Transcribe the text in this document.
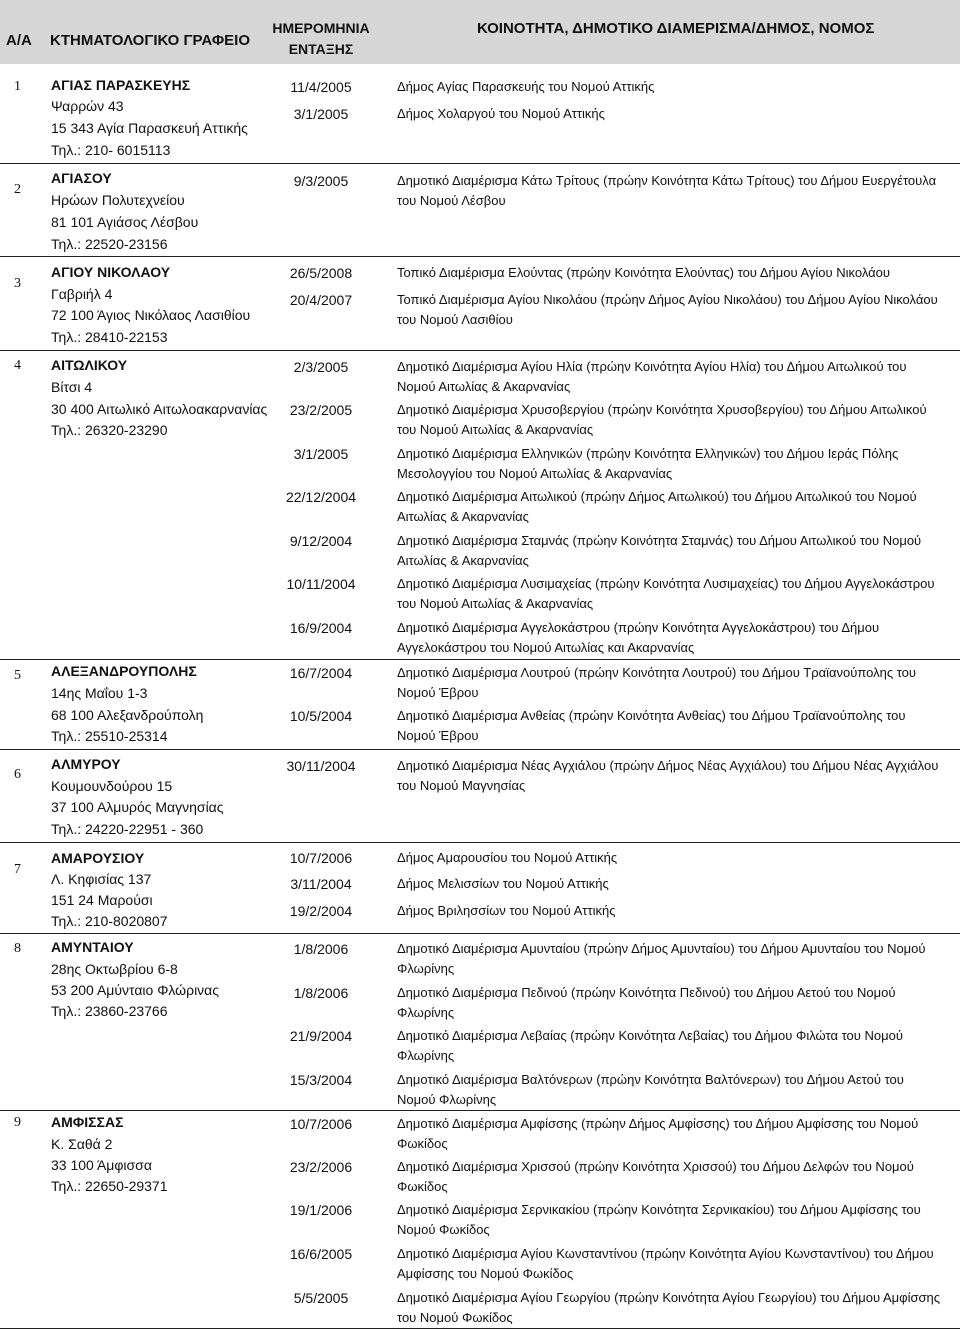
Α/Α ΚΤΗΜΑΤΟΛΟΓΙΚΟ ΓΡΑΦΕΙΟ
ΗΜΕΡΟΜΗΝΙΑ
ΕΝΤΑΞΗΣ
ΚΟΙΝΟΤΗΤΑ, ΔΗΜΟΤΙΚΟ ΔΙΑΜΕΡΙΣΜΑ/ΔΗΜΟΣ, ΝΟΜΟΣ
1 ΑΓΙΑΣ ΠΑΡΑΣΚΕΥΗΣ
Ψαρρών 43
15 343 Αγία Παρασκευή Αττικής
Τηλ.: 210- 6015113
11/4/2005	Δήμος Αγίας Παρασκευής του Νομού Αττικής
3/1/2005	Δήμος Χολαργού του Νομού Αττικής
2
ΑΓΙΑΣΟΥ
Ηρώων Πολυτεχνείου
81 101 Αγιάσος Λέσβου
Τηλ.: 22520-23156
9/3/2005	Δημοτικό Διαμέρισμα Κάτω Τρίτους (πρώην Κοινότητα Κάτω Τρίτους) του Δήμου Ευεργέτουλα
του Νομού Λέσβου
3
ΑΓΙΟΥ ΝΙΚΟΛΑΟΥ
Γαβριήλ 4
72 100 Άγιος Νικόλαος Λασιθίου
Τηλ.: 28410-22153
26/5/2008	Τοπικό Διαμέρισμα Ελούντας (πρώην Κοινότητα Ελούντας) του Δήμου Αγίου Νικολάου
20/4/2007	Τοπικό Διαμέρισμα Αγίου Νικολάου (πρώην Δήμος Αγίου Νικολάου) του Δήμου Αγίου Νικολάου
του Νομού Λασιθίου
4 ΑΙΤΩΛΙΚΟΥ
Βίτσι 4
30 400 Αιτωλικό Αιτωλοακαρνανίας
Τηλ.: 26320-23290
2/3/2005	Δημοτικό Διαμέρισμα Αγίου Ηλία (πρώην Κοινότητα Αγίου Ηλία) του Δήμου Αιτωλικού του
Νομού Αιτωλίας & Ακαρνανίας
23/2/2005	Δημοτικό Διαμέρισμα Χρυσοβεργίου (πρώην Κοινότητα Χρυσοβεργίου) του Δήμου Αιτωλικού
του Νομού Αιτωλίας & Ακαρνανίας
3/1/2005	Δημοτικό Διαμέρισμα Ελληνικών (πρώην Κοινότητα Ελληνικών) του Δήμου Ιεράς Πόλης
Μεσολογγίου του Νομού Αιτωλίας & Ακαρνανίας
22/12/2004	Δημοτικό Διαμέρισμα Αιτωλικού (πρώην Δήμος Αιτωλικού) του Δήμου Αιτωλικού του Νομού
Αιτωλίας & Ακαρνανίας
9/12/2004	Δημοτικό Διαμέρισμα Σταμνάς (πρώην Κοινότητα Σταμνάς) του Δήμου Αιτωλικού του Νομού
Αιτωλίας & Ακαρνανίας
10/11/2004	Δημοτικό Διαμέρισμα Λυσιμαχείας (πρώην Κοινότητα Λυσιμαχείας) του Δήμου Αγγελοκάστρου
του Νομού Αιτωλίας & Ακαρνανίας
16/9/2004	Δημοτικό Διαμέρισμα Αγγελοκάστρου (πρώην Κοινότητα Αγγελοκάστρου) του Δήμου
Αγγελοκάστρου του Νομού Αιτωλίας και Ακαρνανίας
5 ΑΛΕΞΑΝΔΡΟΥΠΟΛΗΣ
14ης Μαΐου 1-3
68 100 Αλεξανδρούπολη
Τηλ.: 25510-25314
16/7/2004	Δημοτικό Διαμέρισμα Λουτρού (πρώην Κοινότητα Λουτρού) του Δήμου Τραϊανούπολης του
Νομού Έβρου
10/5/2004	Δημοτικό Διαμέρισμα Ανθείας (πρώην Κοινότητα Ανθείας) του Δήμου Τραϊανούπολης του
Νομού Έβρου
6
ΑΛΜΥΡΟΥ
Κουμουνδούρου 15
37 100 Αλμυρός Μαγνησίας
Τηλ.: 24220-22951 - 360
30/11/2004	Δημοτικό Διαμέρισμα Νέας Αγχιάλου (πρώην Δήμος Νέας Αγχιάλου) του Δήμου Νέας Αγχιάλου
του Νομού Μαγνησίας
7
ΑΜΑΡΟΥΣΙΟΥ
Λ. Κηφισίας 137
151 24 Μαρούσι
Τηλ.: 210-8020807
10/7/2006	Δήμος Αμαρουσίου του Νομού Αττικής
3/11/2004	Δήμος Μελισσίων του Νομού Αττικής
19/2/2004	Δήμος Βριλησσίων του Νομού Αττικής
8 ΑΜΥΝΤΑΙΟΥ
28ης Οκτωβρίου 6-8
53 200 Αμύνταιο Φλώρινας
Τηλ.: 23860-23766
1/8/2006	Δημοτικό Διαμέρισμα Αμυνταίου (πρώην Δήμος Αμυνταίου) του Δήμου Αμυνταίου του Νομού
Φλωρίνης
1/8/2006	Δημοτικό Διαμέρισμα Πεδινού (πρώην Κοινότητα Πεδινού) του Δήμου Αετού του Νομού
Φλωρίνης
21/9/2004	Δημοτικό Διαμέρισμα Λεβαίας (πρώην Κοινότητα Λεβαίας) του Δήμου Φιλώτα του Νομού
Φλωρίνης
15/3/2004	Δημοτικό Διαμέρισμα Βαλτόνερων (πρώην Κοινότητα Βαλτόνερων) του Δήμου Αετού του
Νομού Φλωρίνης
9 ΑΜΦΙΣΣΑΣ
Κ. Σαθά 2
33 100 Άμφισσα
Τηλ.: 22650-29371
10/7/2006	Δημοτικό Διαμέρισμα Αμφίσσης (πρώην Δήμος Αμφίσσης) του Δήμου Αμφίσσης του Νομού
Φωκίδος
23/2/2006	Δημοτικό Διαμέρισμα Χρισσού (πρώην Κοινότητα Χρισσού) του Δήμου Δελφών του Νομού
Φωκίδος
19/1/2006	Δημοτικό Διαμέρισμα Σερνικακίου (πρώην Κοινότητα Σερνικακίου) του Δήμου Αμφίσσης του
Νομού Φωκίδος
16/6/2005	Δημοτικό Διαμέρισμα Αγίου Κωνσταντίνου (πρώην Κοινότητα Αγίου Κωνσταντίνου) του Δήμου
Αμφίσσης του Νομού Φωκίδος
5/5/2005	Δημοτικό Διαμέρισμα Αγίου Γεωργίου (πρώην Κοινότητα Αγίου Γεωργίου) του Δήμου Αμφίσσης
του Νομού Φωκίδος
